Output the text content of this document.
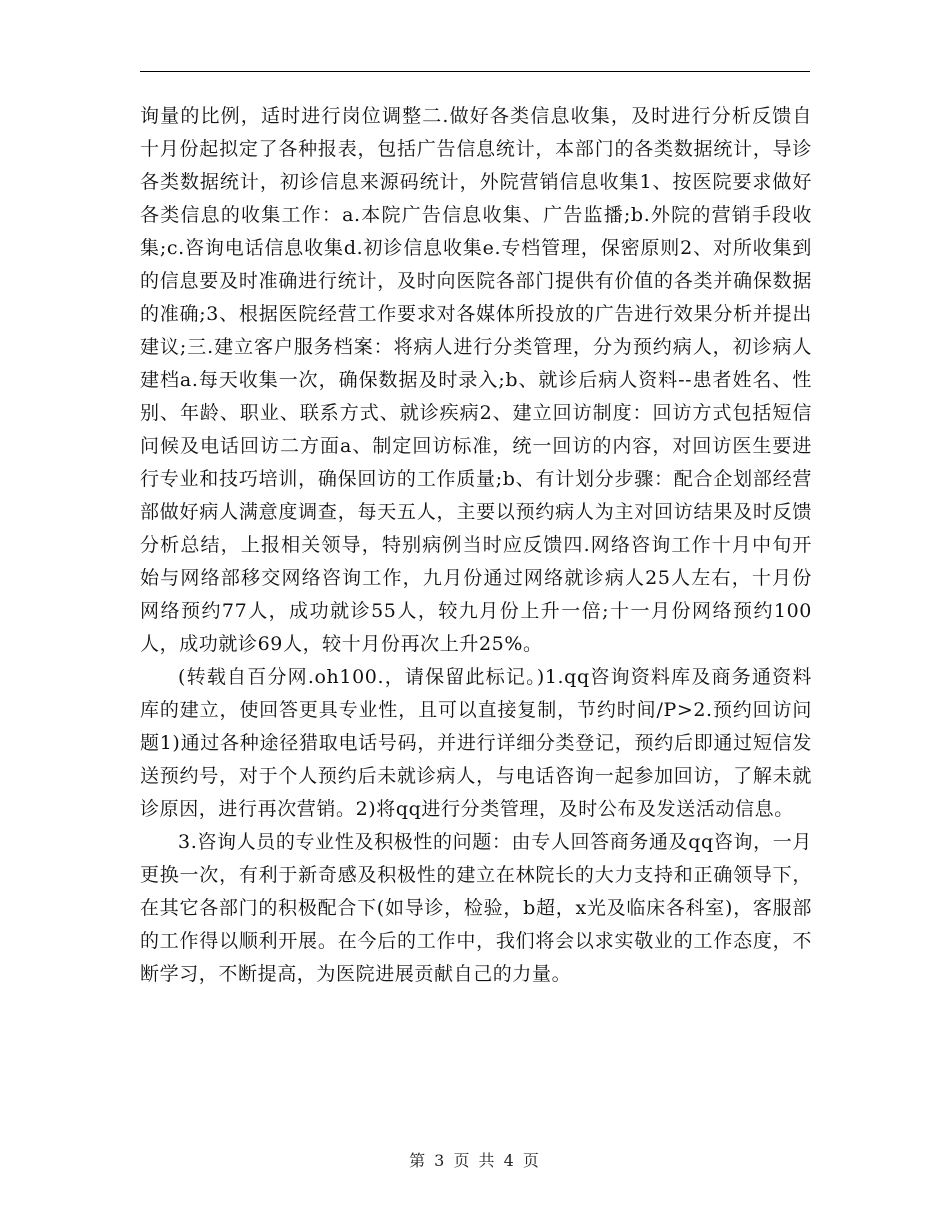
询量的比例，适时进行岗位调整二.做好各类信息收集，及时进行分析反馈自十月份起拟定了各种报表，包括广告信息统计，本部门的各类数据统计，导诊各类数据统计，初诊信息来源码统计，外院营销信息收集1、按医院要求做好各类信息的收集工作：a.本院广告信息收集、广告监播;b.外院的营销手段收集;c.咨询电话信息收集d.初诊信息收集e.专档管理，保密原则2、对所收集到的信息要及时准确进行统计，及时向医院各部门提供有价值的各类并确保数据的准确;3、根据医院经营工作要求对各媒体所投放的广告进行效果分析并提出建议;三.建立客户服务档案：将病人进行分类管理，分为预约病人，初诊病人建档a.每天收集一次，确保数据及时录入;b、就诊后病人资料--患者姓名、性别、年龄、职业、联系方式、就诊疾病2、建立回访制度：回访方式包括短信问候及电话回访二方面a、制定回访标准，统一回访的内容，对回访医生要进行专业和技巧培训，确保回访的工作质量;b、有计划分步骤：配合企划部经营部做好病人满意度调查，每天五人，主要以预约病人为主对回访结果及时反馈分析总结，上报相关领导，特别病例当时应反馈四.网络咨询工作十月中旬开始与网络部移交网络咨询工作，九月份通过网络就诊病人25人左右，十月份网络预约77人，成功就诊55人，较九月份上升一倍;十一月份网络预约100人，成功就诊69人，较十月份再次上升25%。

(转载自百分网.oh100.，请保留此标记。)1.qq咨询资料库及商务通资料库的建立，使回答更具专业性，且可以直接复制，节约时间/P>2.预约回访问题1)通过各种途径猎取电话号码，并进行详细分类登记，预约后即通过短信发送预约号，对于个人预约后未就诊病人，与电话咨询一起参加回访，了解未就诊原因，进行再次营销。2)将qq进行分类管理，及时公布及发送活动信息。

3.咨询人员的专业性及积极性的问题：由专人回答商务通及qq咨询，一月更换一次，有利于新奇感及积极性的建立在林院长的大力支持和正确领导下，在其它各部门的积极配合下(如导诊，检验，b超，x光及临床各科室)，客服部的工作得以顺利开展。在今后的工作中，我们将会以求实敬业的工作态度，不断学习，不断提高，为医院进展贡献自己的力量。

第 3 页 共 4 页
